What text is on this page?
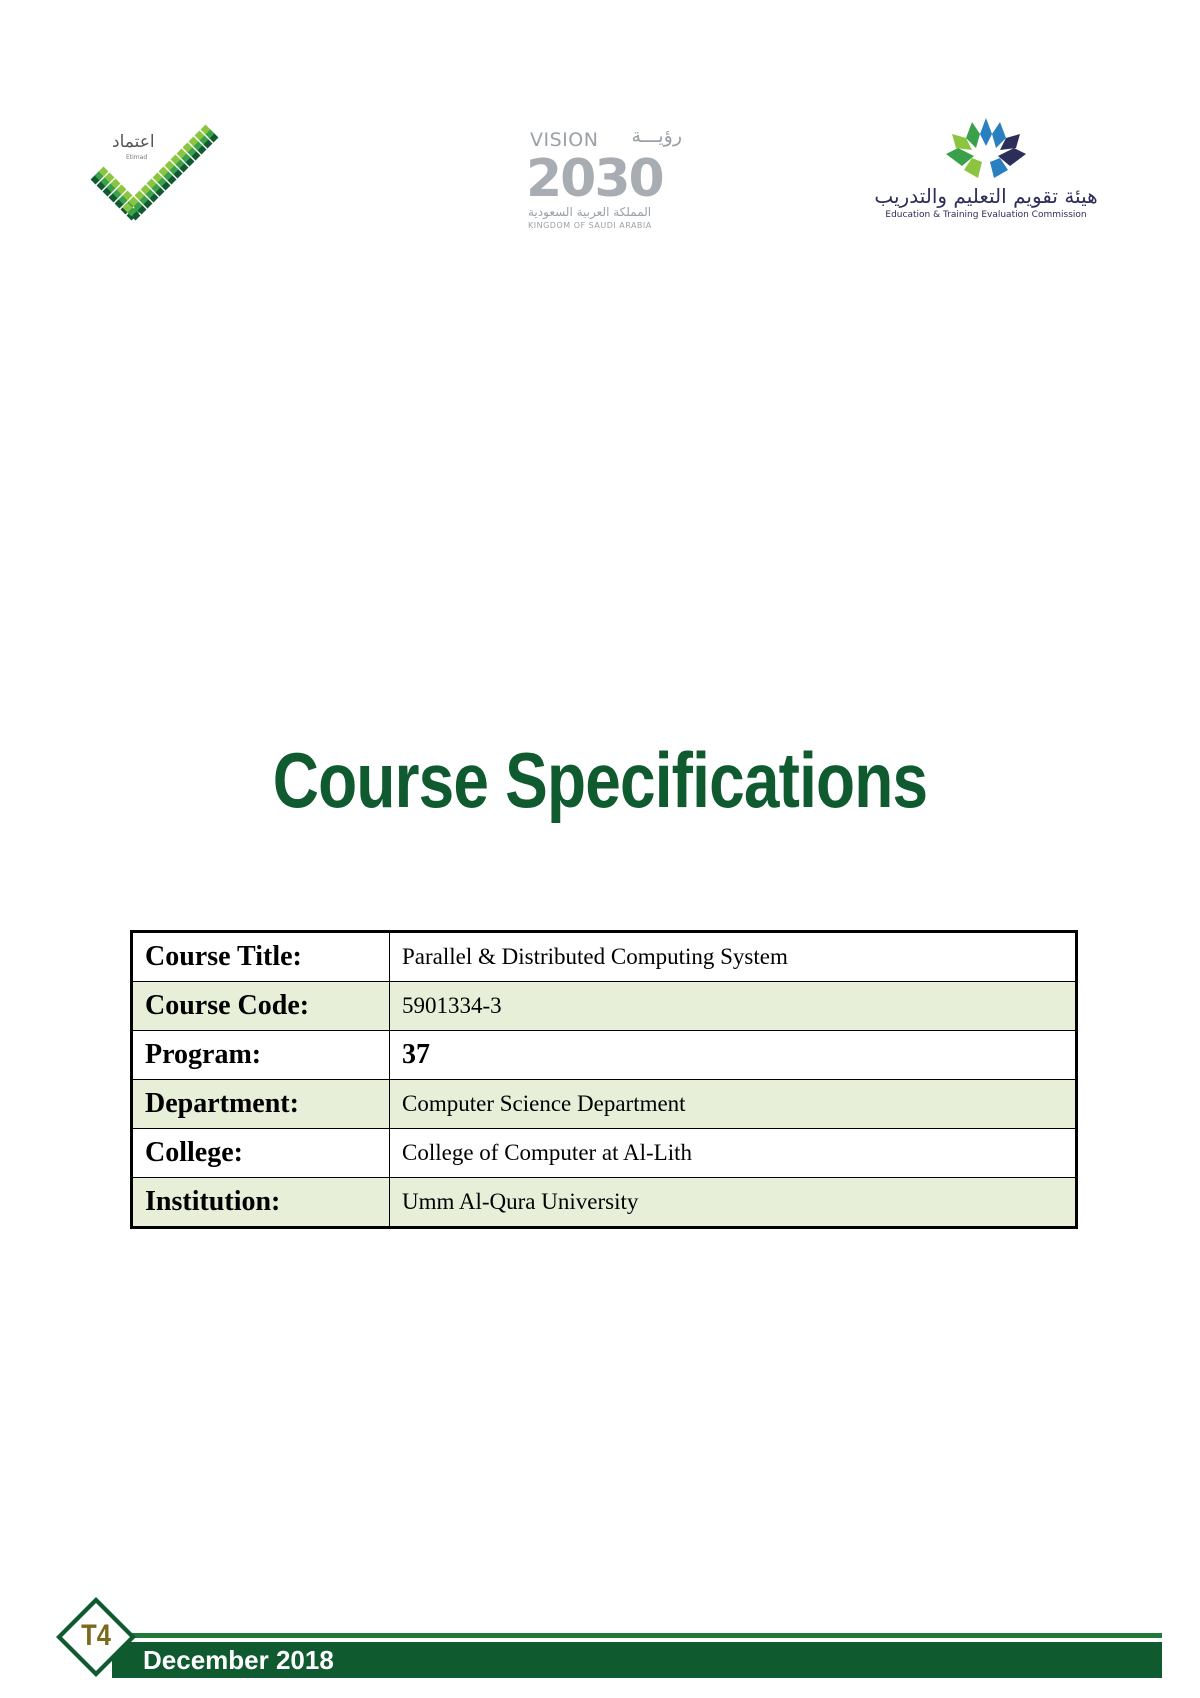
اعتماد
Etimad
VISION رؤيـــة
2030
المملكة العربية السعودية
KINGDOM OF SAUDI ARABIA
هيئة تقويم التعليم والتدريب
Education & Training Evaluation Commission
Course Specifications
Course Title:	Parallel & Distributed Computing System
Course Code:	5901334-3
Program:	37
Department:	Computer Science Department
College:	College of Computer at Al-Lith
Institution:	Umm Al-Qura University
December 2018
T4
